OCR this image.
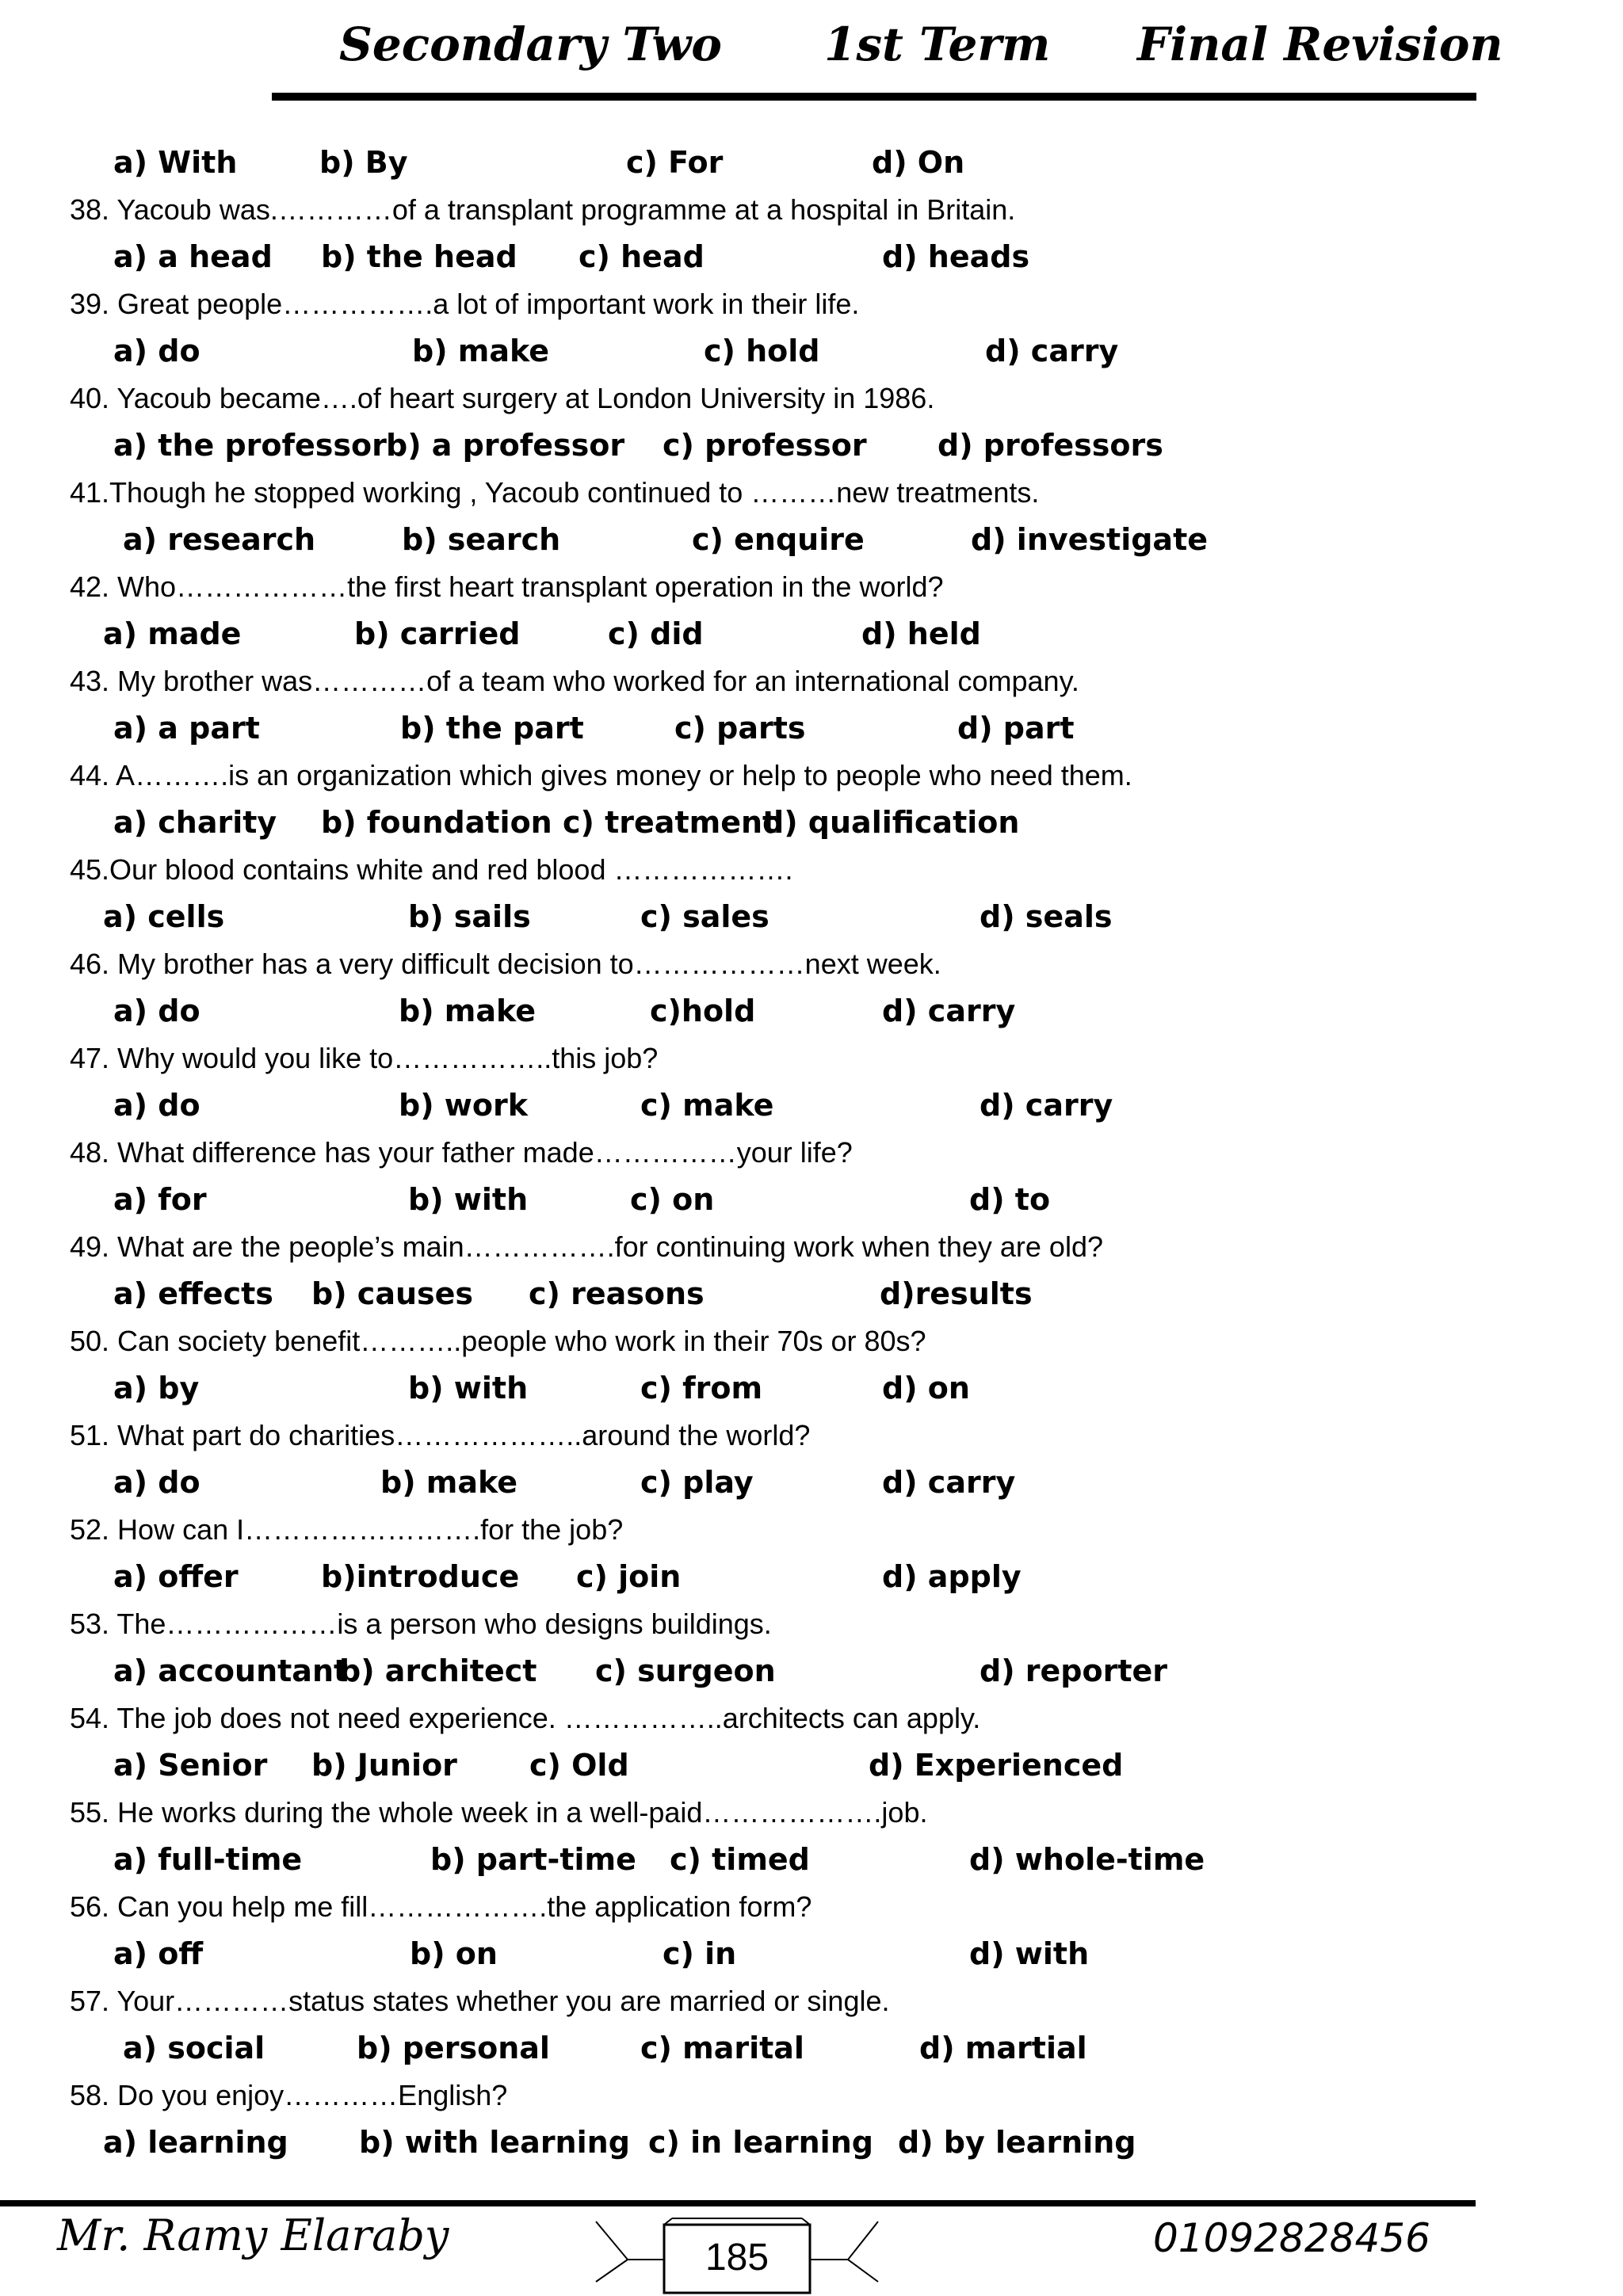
Secondary Two 1st Term Final Revision
a) With	b) By	c) For	d) On
38. Yacoub was.…………of a transplant programme at a hospital in Britain.
a) a head b) the head c) head	d) heads
39. Great people…………….a lot of important work in their life.
a) do	b) make	c) hold	d) carry
40. Yacoub became….of heart surgery at London University in 1986.
a) the professor b) a professor c) professor d) professors
41.Though he stopped working , Yacoub continued to ………new treatments.
a) research	b) search	c) enquire	d) investigate
42. Who………………the first heart transplant operation in the world?
a) made	b) carried	c) did	d) held
43. My brother was…………of a team who worked for an international company.
a) a part	b) the part	c) parts	d) part
44. A……….is an organization which gives money or help to people who need them.
a) charity b) foundation c) treatment
d) qualification
45.Our blood contains white and red blood ……………….
a) cells	b) sails	c) sales	d) seals
46. My brother has a very difficult decision to………………next week.
a) do	b) make	c)hold	d) carry
47. Why would you like to……………..this job?
a) do	b) work	c) make	d) carry
48. What difference has your father made……………your life?
a) for	b) with	c) on	d) to
49. What are the people’s main…………….for continuing work when they are old?
a) effects b) causes c) reasons	d)results
50. Can society benefit………..people who work in their 70s or 80s?
a) by	b) with	c) from	d) on
51. What part do charities………………..around the world?
a) do	b) make	c) play	d) carry
52. How can I…………………….for the job?
a) offer	b)introduce c) join	d) apply
53. The………………is a person who designs buildings.
a) accountant
b) architect c) surgeon	d) reporter
54. The job does not need experience. ……………..architects can apply.
a) Senior b) Junior c) Old	d) Experienced
55. He works during the whole week in a well-paid……………….job.
a) full-time	b) part-time c) timed	d) whole-time
56. Can you help me fill……………….the application form?
a) off	b) on	c) in	d) with
57. Your…………status states whether you are married or single.
a) social	b) personal	c) marital	d) martial
58. Do you enjoy…………English?
a) learning b) with learning c) in learning d) by learning
Mr. Ramy Elaraby	185	01092828456
